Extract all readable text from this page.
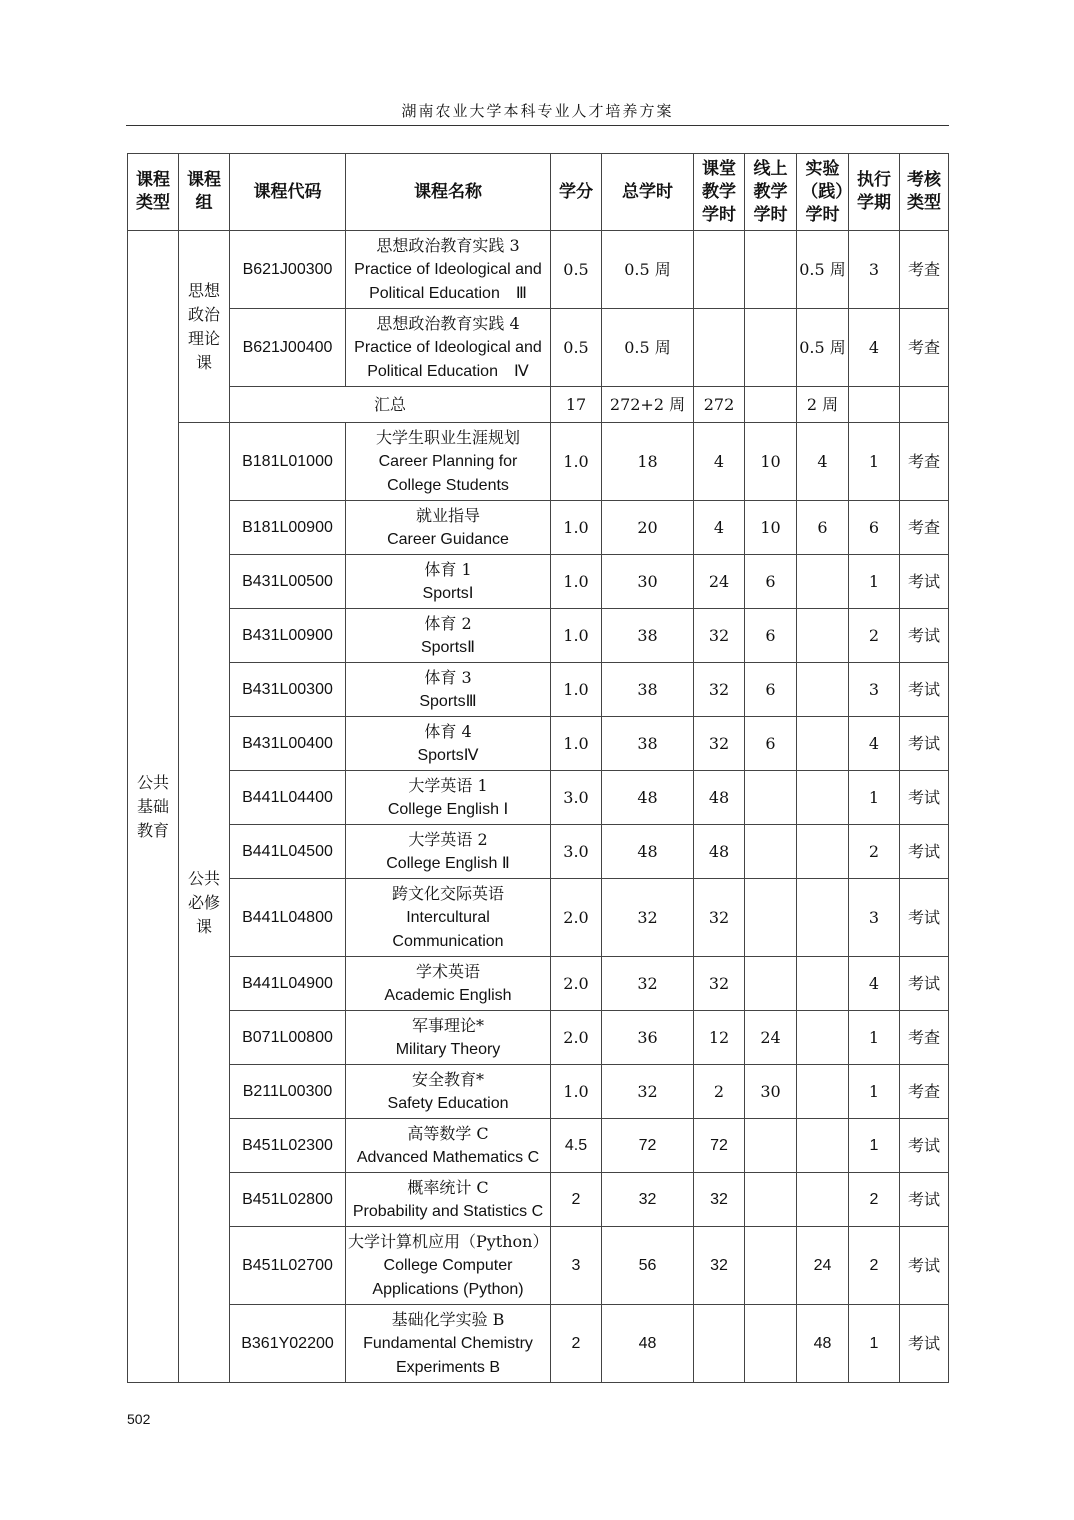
湖南农业大学本科专业人才培养方案
课程类型	课程组	课程代码	课程名称	学分	总学时	课堂教学学时	线上教学学时	实验（践）学时	执行学期	考核类型
公共基础教育	思想政治理论课	B621J00300	思想政治教育实践 3
Practice of Ideological and
Political Education　Ⅲ	0.5	0.5 周			0.5 周	3	考查
		B621J00400	思想政治教育实践 4
Practice of Ideological and
Political Education　Ⅳ	0.5	0.5 周			0.5 周	4	考查
		汇总		17	272+2 周	272		2 周		
	公共必修课	B181L01000	大学生职业生涯规划
Career Planning for
College Students	1.0	18	4	10	4	1	考查
		B181L00900	就业指导
Career Guidance	1.0	20	4	10	6	6	考查
		B431L00500	体育 1
SportsⅠ	1.0	30	24	6		1	考试
		B431L00900	体育 2
SportsⅡ	1.0	38	32	6		2	考试
		B431L00300	体育 3
SportsⅢ	1.0	38	32	6		3	考试
		B431L00400	体育 4
SportsⅣ	1.0	38	32	6		4	考试
		B441L04400	大学英语 1
College English Ⅰ	3.0	48	48			1	考试
		B441L04500	大学英语 2
College English Ⅱ	3.0	48	48			2	考试
		B441L04800	跨文化交际英语
Intercultural
Communication	2.0	32	32			3	考试
		B441L04900	学术英语
Academic English	2.0	32	32			4	考试
		B071L00800	军事理论*
Military Theory	2.0	36	12	24		1	考查
		B211L00300	安全教育*
Safety Education	1.0	32	2	30		1	考查
		B451L02300	高等数学 C
Advanced Mathematics C	4.5	72	72			1	考试
		B451L02800	概率统计 C
Probability and Statistics C	2	32	32			2	考试
		B451L02700	大学计算机应用（Python）
College Computer
Applications (Python)	3	56	32		24	2	考试
		B361Y02200	基础化学实验 B
Fundamental Chemistry
Experiments B	2	48			48	1	考试
502
